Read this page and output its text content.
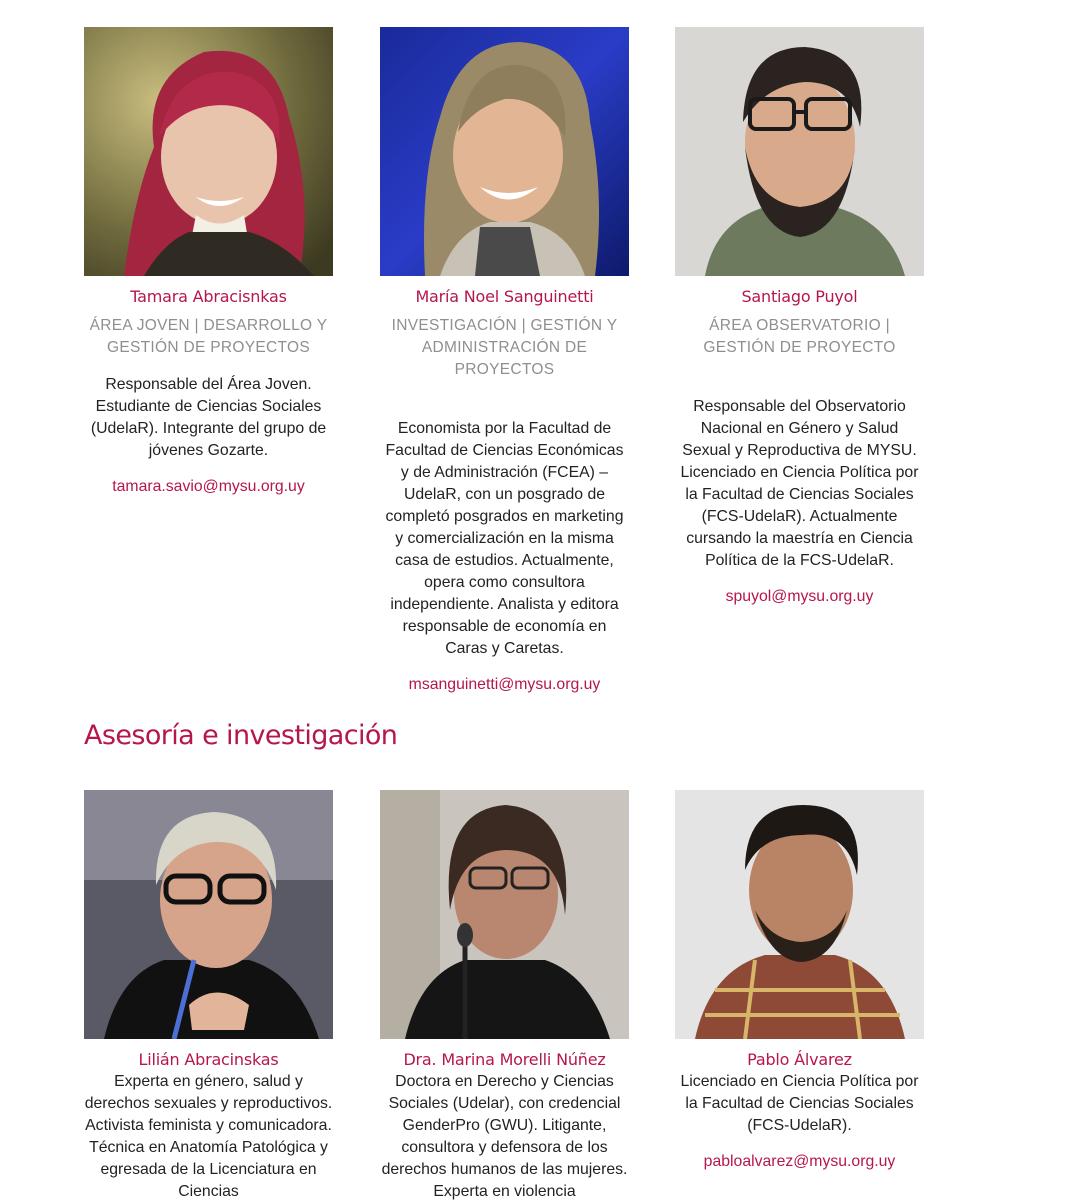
Tamara Abracisnkas
ÁREA JOVEN | DESARROLLO Y GESTIÓN DE PROYECTOS
Responsable del Área Joven. Estudiante de Ciencias Sociales (UdelaR). Integrante del grupo de jóvenes Gozarte.
tamara.savio@mysu.org.uy
María Noel Sanguinetti
INVESTIGACIÓN | GESTIÓN Y ADMINISTRACIÓN DE PROYECTOS
Economista por la Facultad de Facultad de Ciencias Económicas y de Administración (FCEA) – UdelaR, con un posgrado de completó posgrados en marketing y comercialización en la misma casa de estudios. Actualmente, opera como consultora independiente. Analista y editora responsable de economía en Caras y Caretas.
msanguinetti@mysu.org.uy
Santiago Puyol
ÁREA OBSERVATORIO | GESTIÓN DE PROYECTO
Responsable del Observatorio Nacional en Género y Salud Sexual y Reproductiva de MYSU. Licenciado en Ciencia Política por la Facultad de Ciencias Sociales (FCS-UdelaR). Actualmente cursando la maestría en Ciencia Política de la FCS-UdelaR.
spuyol@mysu.org.uy
Asesoría e investigación
Lilián Abracinskas
Experta en género, salud y derechos sexuales y reproductivos. Activista feminista y comunicadora. Técnica en Anatomía Patológica y egresada de la Licenciatura en Ciencias
Dra. Marina Morelli Núñez
Doctora en Derecho y Ciencias Sociales (Udelar), con credencial GenderPro (GWU). Litigante, consultora y defensora de los derechos humanos de las mujeres. Experta en violencia
Pablo Álvarez
Licenciado en Ciencia Política por la Facultad de Ciencias Sociales (FCS-UdelaR).
pabloalvarez@mysu.org.uy
